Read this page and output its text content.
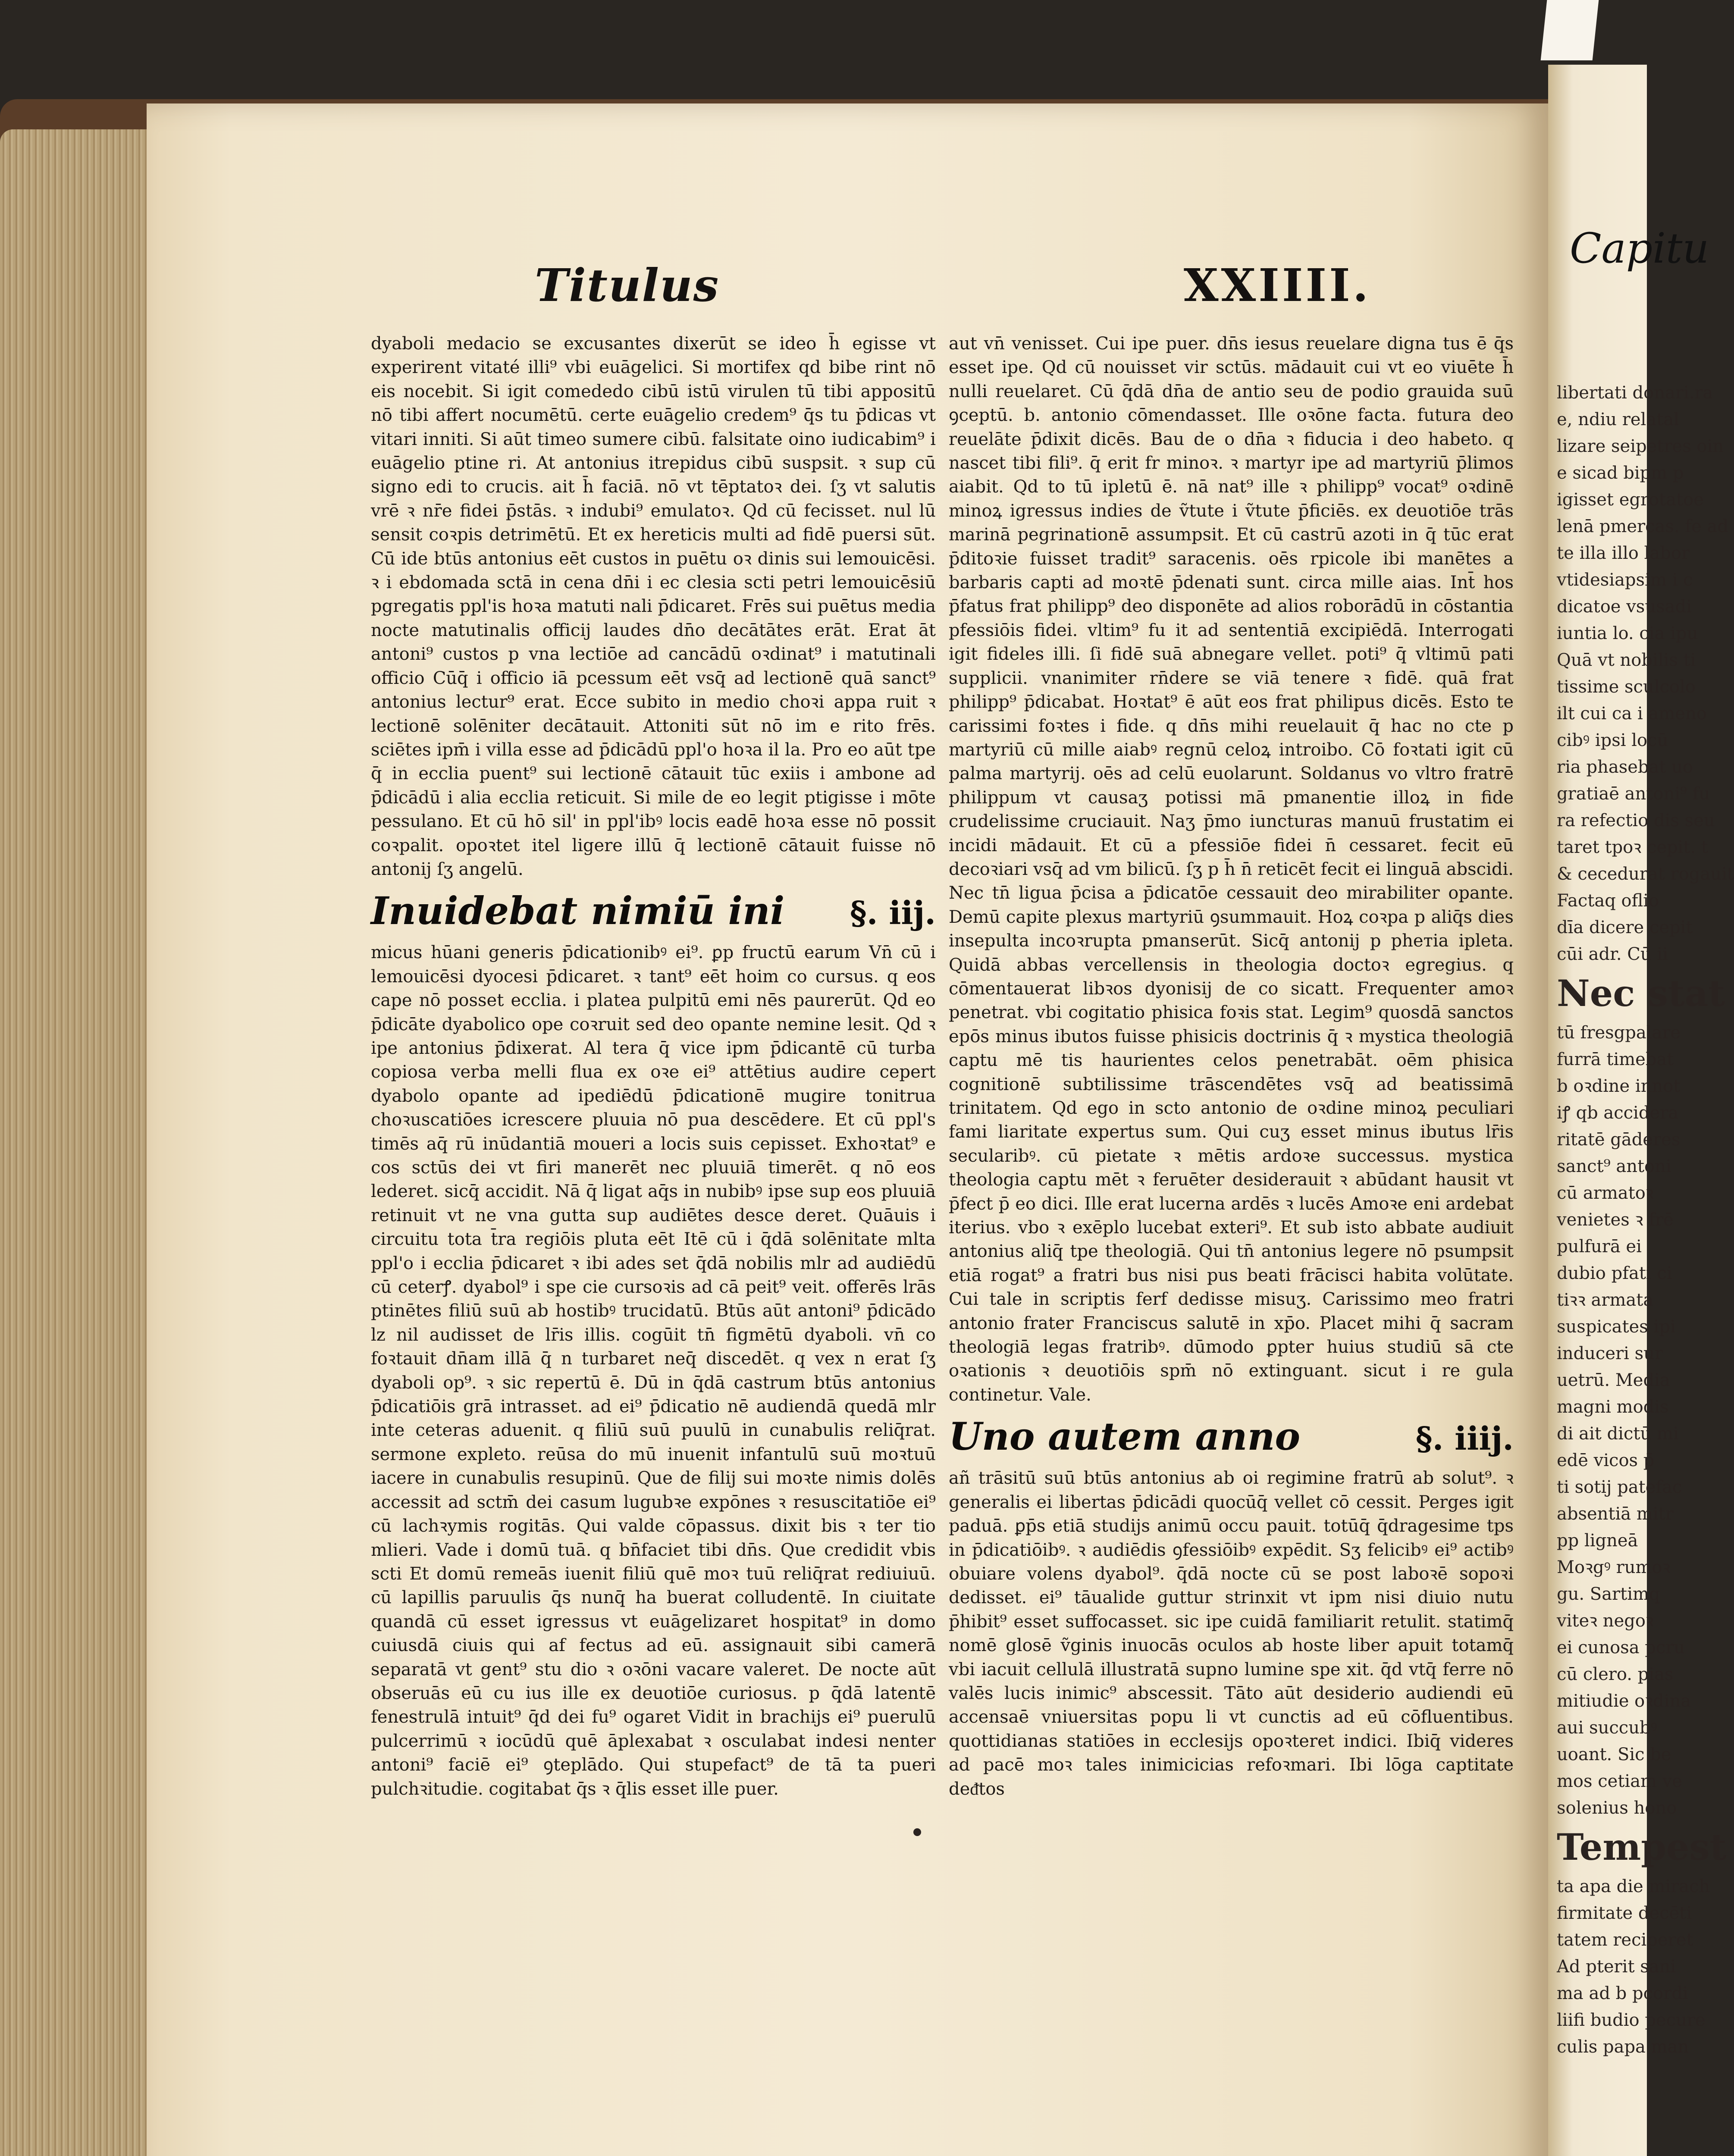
Capitu
libertati donari.ra
e, ndiu relatal
lizare seipetres oin
e sicad bipm p
igisset egrotatoe
lenā pmercas. fe ad
te illa illo labor
vtidesiapsim i c
dicatoe vsusadi
iuntia lo. cia ipu
Quā vt nobilis ti
tissime sculcolo
ilt cui ca i ameno
cibꝰ ipsi locū
ria phasebat uo
gratiaē antoni⁹ fu
ra refectio dis seu
taret tpoꝛ cepit. t
& cecedurat rogauit
Factaq oflio
dīa dicere cepit
cūi adr. Cū ii
Nec stat
tū fresgpalare
furrā timebat
b oꝛdine innot
iꝭ qb accidera
ritatē gāderes
sanct⁹ antoni
cū armatoꝛ
venietes ꝛ frē
pulfurā ei
dubio pfati ci
tiꝛꝛ armata
suspicates ipi
induceri sur
uetrū. Media
magni modis
di ait dictū mi
edē vicos p̄
ti sotij patefac
absentiā mitr
pp ligneā
Moꝛgꝰ rumoꝛ
gu. Sartimq
viteꝛ negoꝛ
ei cunosa pcru
cū clero. pias
mitiudie oꝛdina
aui succubꝰ
uoant. Sic be
mos cetiam ve
solenius hono
Tempest
ta apa die mirach
firmitate decēti
tatem reciperet
Ad pterit sani
ma ad b pcordi
liifi budio pecure
culis papa man
Titulus	XXIIII.

dyaboli medacio se excusantes dixerūt se ideo h̄ egisse vt experirent vitaté illi⁹ vbi euāgelici. Si mortifex qd bibe rint nō eis nocebit. Si igit comededo cibū istū virulen tū tibi appositū nō tibi affert nocumētū. certe euāgelio credem⁹ q̄s tu p̄dicas vt vitari inniti. Si aūt timeo sumere cibū. falsitate oino iudicabim⁹ i euāgelio ptine ri. At antonius itrepidus cibū suspsit. ꝛ sup cū signo edi to crucis. ait h̄ faciā. nō vt tēptatoꝛ dei. ſʒ vt salutis vrē ꝛ nr̄e fidei p̄stās. ꝛ indubi⁹ emulatoꝛ. Qd cū fecisset. nul lū sensit coꝛpis detrimētū. Et ex hereticis multi ad fidē puersi sūt. Cū ide btūs antonius eēt custos in puētu oꝛ dinis sui lemouicēsi. ꝛ i ebdomada sctā in cena dn̄i i ec clesia scti petri lemouicēsiū pgregatis ppl'is hoꝛa matuti nali p̄dicaret. Frēs sui puētus media nocte matutinalis officij laudes dn̄o decātātes erāt. Erat āt antoni⁹ custos p vna lectiōe ad cancādū oꝛdinat⁹ i matutinali officio Cūq̄ i officio iā pcessum eēt vsq̄ ad lectionē quā sanct⁹ antonius lectur⁹ erat. Ecce subito in medio choꝛi appa ruit ꝛ lectionē solēniter decātauit. Attoniti sūt nō im e rito frēs. sciētes ipm̄ i villa esse ad p̄dicādū ppl'o hoꝛa il la. Pro eo aūt tpe q̄ in ecclia puent⁹ sui lectionē cātauit tūc exiis i ambone ad p̄dicādū i alia ecclia reticuit. Si mile de eo legit ptigisse i mōte pessulano. Et cū hō sil' in ppl'ibꝰ locis eadē hoꝛa esse nō possit coꝛpalit. opoꝛtet itel ligere illū q̄ lectionē cātauit fuisse nō antonij ſʒ angelū.

Inuidebat nimiū ini §. iij.

micus hūani generis p̄dicationibꝰ ei⁹. ꝑp fructū earum Vn̄ cū i lemouicēsi dyocesi p̄dicaret. ꝛ tant⁹ eēt hoim co cursus. q eos cape nō posset ecclia. i platea pulpitū emi nēs paurerūt. Qd eo p̄dicāte dyabolico ope coꝛruit sed deo opante nemine lesit. Qd ꝛ ipe antonius p̄dixerat. Al tera q̄ vice ipm p̄dicantē cū turba copiosa verba melli flua ex oꝛe ei⁹ attētius audire cepert dyabolo opante ad ipediēdū p̄dicationē mugire tonitrua choꝛuscatiōes icrescere pluuia nō pua descēdere. Et cū ppl's timēs aq̄ rū inūdantiā moueri a locis suis cepisset. Exhoꝛtat⁹ e cos sctūs dei vt firi manerēt nec pluuiā timerēt. q nō eos lederet. sicq̄ accidit. Nā q̄ ligat aq̄s in nubibꝰ ipse sup eos pluuiā retinuit vt ne vna gutta sup audiētes desce deret. Quāuis i circuitu tota t̄ra regiōis pluta eēt Itē cū i q̄dā solēnitate mlta ppl'o i ecclia p̄dicaret ꝛ ibi ades set q̄dā nobilis mlr ad audiēdū cū ceterꝭ. dyabol⁹ i spe cie cursoꝛis ad cā peit⁹ veit. offerēs lrās ptinētes filiū suū ab hostibꝰ trucidatū. Btūs aūt antoni⁹ p̄dicādo lz nil audisset de lr̄is illis. cogūit tn̄ figmētū dyaboli. vn̄ co foꝛtauit dn̄am illā q̄ n turbaret neq̄ discedēt. q vex n erat ſʒ dyaboli op⁹. ꝛ sic repertū ē. Dū in q̄dā castrum btūs antonius p̄dicatiōis grā intrasset. ad ei⁹ p̄dicatio nē audiendā quedā mlr inte ceteras aduenit. q filiū suū puulū in cunabulis reliq̄rat. sermone expleto. reūsa do mū inuenit infantulū suū moꝛtuū iacere in cunabulis resupinū. Que de filij sui moꝛte nimis dolēs accessit ad sctm̄ dei casum lugubꝛe expōnes ꝛ resuscitatiōe ei⁹ cū lachꝛymis rogitās. Qui valde cōpassus. dixit bis ꝛ ter tio mlieri. Vade i domū tuā. q bn̄faciet tibi dn̄s. Que credidit vbis scti Et domū remeās iuenit filiū quē moꝛ tuū reliq̄rat rediuiuū. cū lapillis paruulis q̄s nunq̄ ha buerat colludentē. In ciuitate quandā cū esset igressus vt euāgelizaret hospitat⁹ in domo cuiusdā ciuis qui af fectus ad eū. assignauit sibi camerā separatā vt gent⁹ stu dio ꝛ oꝛōni vacare valeret. De nocte aūt obseruās eū cu ius ille ex deuotiōe curiosus. p q̄dā latentē fenestrulā intuit⁹ q̄d dei fu⁹ ogaret Vidit in brachijs ei⁹ puerulū pulcerrimū ꝛ iocūdū quē āplexabat ꝛ osculabat indesi nenter antoni⁹ faciē ei⁹ ꝯteplādo. Qui stupefact⁹ de tā ta pueri pulchꝛitudie. cogitabat q̄s ꝛ q̄lis esset ille puer.

aut vn̄ venisset. Cui ipe puer. dn̄s iesus reuelare digna tus ē q̄s esset ipe. Qd cū nouisset vir sctūs. mādauit cui vt eo viuēte h̄ nulli reuelaret. Cū q̄dā dn̄a de antio seu de podio grauida suū ꝯceptū. b. antonio cōmendasset. Ille oꝛōne facta. futura deo reuelāte p̄dixit dicēs. Bau de o dn̄a ꝛ fiducia i deo habeto. q nascet tibi fili⁹. q̄ erit fr minoꝛ. ꝛ martyr ipe ad martyriū p̄limos aiabit. Qd to tū ipletū ē. nā nat⁹ ille ꝛ philipp⁹ vocat⁹ oꝛdinē minoꝝ igressus indies de ṽtute i ṽtute p̄ficiēs. ex deuotiōe trās marinā pegrinationē assumpsit. Et cū castrū azoti in q̄ tūc erat p̄ditoꝛie fuisset tradit⁹ saracenis. oēs rpicole ibi manētes a barbaris capti ad moꝛtē p̄denati sunt. circa mille aias. Int̄ hos p̄fatus frat philipp⁹ deo disponēte ad alios roborādū in cōstantia pfessiōis fidei. vltim⁹ fu it ad sententiā excipiēdā. Interrogati igit fideles illi. ſi fidē suā abnegare vellet. poti⁹ q̄ vltimū pati supplicii. vnanimiter rn̄dere se viā tenere ꝛ fidē. quā frat philipp⁹ p̄dicabat. Hoꝛtat⁹ ē aūt eos frat philipus dicēs. Esto te carissimi foꝛtes i fide. q dn̄s mihi reuelauit q̄ hac no cte p martyriū cū mille aiabꝰ regnū celoꝝ introibo. Cō foꝛtati igit cū palma martyrij. oēs ad celū euolarunt. Soldanus vo vltro fratrē philippum vt causaʒ potissi mā pmanentie illoꝝ in fide crudelissime cruciauit. Naʒ p̄mo iuncturas manuū frustatim ei incidi mādauit. Et cū a pfessiōe fidei n̄ cessaret. fecit eū decoꝛiari vsq̄ ad vm bilicū. ſʒ p h̄ n̄ reticēt fecit ei linguā abscidi. Nec tn̄ ligua p̄cisa a p̄dicatōe cessauit deo mirabiliter opante. Demū capite plexus martyriū ꝯsummauit. Hoꝝ coꝛpa p aliq̄s dies insepulta incoꝛrupta pmanserūt. Sicq̄ antonij p pheтia ipleta. Quidā abbas vercellensis in theologia doctoꝛ egregius. q cōmentauerat libꝛos dyonisij de co sicatt. Frequenter amoꝛ penetrat. vbi cogitatio phisica foꝛis stat. Legim⁹ quosdā sanctos epōs minus ibutos fuisse phisicis doctrinis q̄ ꝛ mystica theologiā captu mē tis haurientes celos penetrabāt. oēm phisica cognitionē subtilissime trāscendētes vsq̄ ad beatissimā trinitatem. Qd ego in scto antonio de oꝛdine minoꝝ peculiari fami liaritate expertus sum. Qui cuʒ esset minus ibutus lr̄is secularibꝰ. cū pietate ꝛ mētis ardoꝛe successus. mystica theologia captu mēt ꝛ feruēter desiderauit ꝛ abūdant hausit vt p̄fect p̄ eo dici. Ille erat lucerna ardēs ꝛ lucēs Amoꝛe eni ardebat iterius. vbo ꝛ exēplo lucebat exteri⁹. Et sub isto abbate audiuit antonius aliq̄ tpe theologiā. Qui tn̄ antonius legere nō psumpsit etiā rogat⁹ a fratri bus nisi pus beati frācisci habita volūtate. Cui tale in scriptis ferf dedisse misuʒ. Carissimo meo fratri antonio frater Franciscus salutē in xp̄o. Placet mihi q̄ sacram theologiā legas fratribꝰ. dūmodo ꝑpter huius studiū sā cte oꝛationis ꝛ deuotiōis spm̄ nō extinguant. sicut i re gula continetur. Vale.

Uno autem anno	§. iiij.

añ trāsitū suū btūs antonius ab oi regimine fratrū ab solut⁹. ꝛ generalis ei libertas p̄dicādi quocūq̄ vellet cō cessit. Perges igit paduā. ꝑp̄s etiā studijs animū occu pauit. totūq̄ q̄dragesime tps in p̄dicatiōibꝰ. ꝛ audiēdis ꝯfessiōibꝰ expēdit. Sʒ felicibꝰ ei⁹ actibꝰ obuiare volens dyabol⁹. q̄dā nocte cū se post laboꝛē sopoꝛi dedisset. ei⁹ tāualide guttur strinxit vt ipm nisi diuio nutu p̄hibit⁹ esset suffocasset. sic ipe cuidā familiarit retulit. statimq̄ nomē glosē ṽginis inuocās oculos ab hoste liber apuit totamq̄ vbi iacuit cellulā illustratā supno lumine spe xit. q̄d vtq̄ ferre nō valēs lucis inimic⁹ abscessit. Tāto aūt desiderio audiendi eū accensaē vniuersitas popu li vt cunctis ad eū cōfluentibus. quottidianas statiōes in ecclesijs opoꝛteret indici. Ibiq̄ videres ad pacē moꝛ tales inimicicias refoꝛmari. Ibi lōga captitate deᵭtos
